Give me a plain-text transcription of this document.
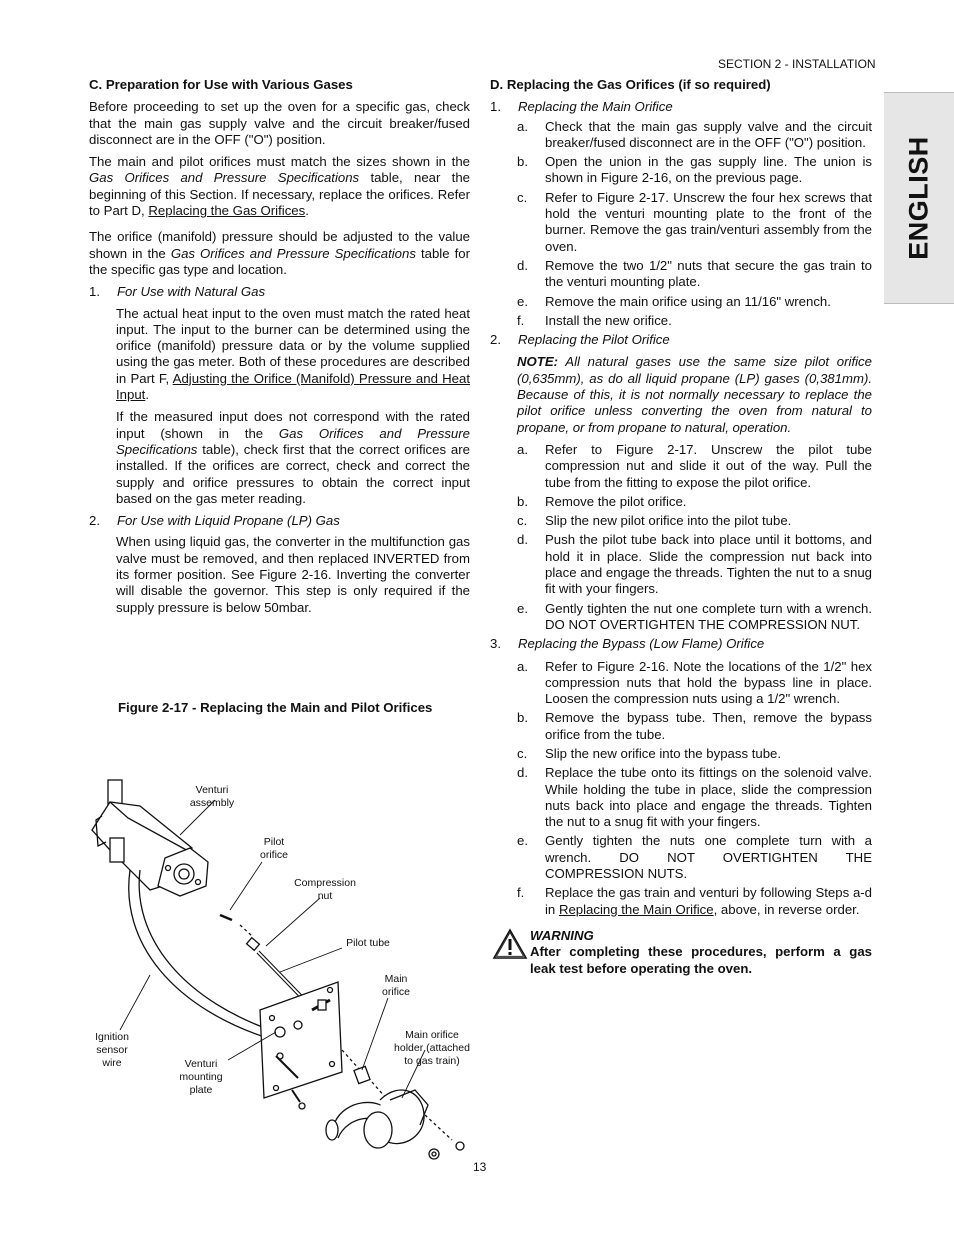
SECTION 2 - INSTALLATION
ENGLISH
C. Preparation for Use with Various Gases

Before proceeding to set up the oven for a specific gas, check that the main gas supply valve and the circuit breaker/fused disconnect are in the OFF ("O") position.

The main and pilot orifices must match the sizes shown in the Gas Orifices and Pressure Specifications table, near the beginning of this Section. If necessary, replace the orifices. Refer to Part D, Replacing the Gas Orifices.

The orifice (manifold) pressure should be adjusted to the value shown in the Gas Orifices and Pressure Specifications table for the specific gas type and location.

1.	For Use with Natural Gas

The actual heat input to the oven must match the rated heat input. The input to the burner can be determined using the orifice (manifold) pressure data or by the volume supplied using the gas meter. Both of these procedures are described in Part F, Adjusting the Orifice (Manifold) Pressure and Heat Input.

If the measured input does not correspond with the rated input (shown in the Gas Orifices and Pressure Specifications table), check first that the correct orifices are installed. If the orifices are correct, check and correct the supply and orifice pressures to obtain the correct input based on the gas meter reading.

2.	For Use with Liquid Propane (LP) Gas

When using liquid gas, the converter in the multifunction gas valve must be removed, and then replaced INVERTED from its former position. See Figure 2-16. Inverting the converter will disable the governor. This step is only required if the supply pressure is below 50mbar.

Figure 2-17 - Replacing the Main and Pilot Orifices
Venturi
assembly
Pilot
orifice
Compression
nut
Pilot tube
Main
orifice
Main orifice
holder (attached
to gas train)
Ignition
sensor
wire	Venturi
mounting
plate
D. Replacing the Gas Orifices (if so required)
1.	Replacing the Main Orifice
a.	Check that the main gas supply valve and the circuit breaker/fused disconnect are in the OFF ("O") position.
b.	Open the union in the gas supply line. The union is shown in Figure 2-16, on the previous page.
c.	Refer to Figure 2-17. Unscrew the four hex screws that hold the venturi mounting plate to the front of the burner. Remove the gas train/venturi assembly from the oven.
d.	Remove the two 1/2" nuts that secure the gas train to the venturi mounting plate.
e.	Remove the main orifice using an 11/16" wrench.
f.	Install the new orifice.
2.	Replacing the Pilot Orifice

NOTE: All natural gases use the same size pilot orifice (0,635mm), as do all liquid propane (LP) gases (0,381mm). Because of this, it is not normally necessary to replace the pilot orifice unless converting the oven from natural to propane, or from propane to natural, operation.

a.	Refer to Figure 2-17. Unscrew the pilot tube compression nut and slide it out of the way. Pull the tube from the fitting to expose the pilot orifice.
b.	Remove the pilot orifice.
c.	Slip the new pilot orifice into the pilot tube.
d.	Push the pilot tube back into place until it bottoms, and hold it in place. Slide the compression nut back into place and engage the threads. Tighten the nut to a snug fit with your fingers.
e.	Gently tighten the nut one complete turn with a wrench. DO NOT OVERTIGHTEN THE COMPRESSION NUT.
3.	Replacing the Bypass (Low Flame) Orifice
a.	Refer to Figure 2-16. Note the locations of the 1/2" hex compression nuts that hold the bypass line in place. Loosen the compression nuts using a 1/2" wrench.
b.	Remove the bypass tube. Then, remove the bypass orifice from the tube.
c.	Slip the new orifice into the bypass tube.
d.	Replace the tube onto its fittings on the solenoid valve. While holding the tube in place, slide the compression nuts back into place and engage the threads. Tighten the nut to a snug fit with your fingers.
e.	Gently tighten the nuts one complete turn with a wrench. DO NOT OVERTIGHTEN THE COMPRESSION NUTS.
f.	Replace the gas train and venturi by following Steps a-d in Replacing the Main Orifice, above, in reverse order.
WARNING
After completing these procedures, perform a gas leak test before operating the oven.
13
